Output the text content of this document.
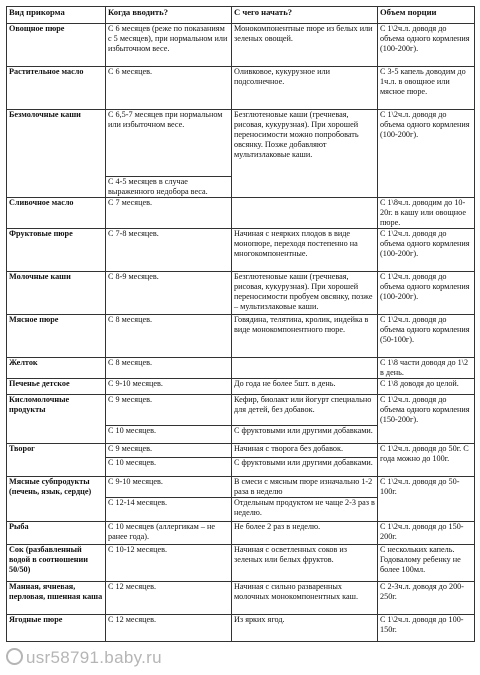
Вид прикорма	Когда вводить?	С чего начать?	Объем порции
Овощное пюре	С 6 месяцев (реже по показаниям с 5 месяцев), при нормальном или избыточном весе.	Монокомпонентные пюре из белых или зеленых овощей.	С 1\2ч.л. доводя до объема одного кормления (100-200г).
Растительное масло	С 6 месяцев.	Оливковое, кукурузное или подсолнечное.	С 3-5 капель доводим до 1ч.л. в овощное или мясное пюре.
Безмолочные каши	С 6,5-7 месяцев при нормальном или избыточном весе.	Безглютеновые каши (гречневая, рисовая, кукурузная). При хорошей переносимости можно попробовать овсянку. Позже добавляют мультизлаковые каши.	С 1\2ч.л. доводя до объема одного кормления (100-200г).
	С 4-5 месяцев в случае выраженного недобора веса.		
Сливочное масло	С 7 месяцев.		С 1\8ч.л. доводим до 10-20г. в кашу или овощное пюре.
Фруктовые пюре	С 7-8 месяцев.	Начиная с неярких плодов в виде монопюре, переходя постепенно на многокомпонентные.	С 1\2ч.л. доводя до объема одного кормления (100-200г).
Молочные каши	С 8-9 месяцев.	Безглютеновые каши (гречневая, рисовая, кукурузная). При хорошей переносимости пробуем овсянку, позже – мультизлаковые каши.	С 1\2ч.л. доводя до объема одного кормления (100-200г).
Мясное пюре	С 8 месяцев.	Говядина, телятина, кролик, индейка в виде монокомпонентного пюре.	С 1\2ч.л. доводя до объема одного кормления (50-100г).
Желток	С 8 месяцев.		С 1\8 части доводя до 1\2 в день.
Печенье детское	С 9-10 месяцев.	До года не более 5шт. в день.	С 1\8 доводя до целой.
Кисломолочные продукты	С 9 месяцев.	Кефир, биолакт или йогурт специально для детей, без добавок.	С 1\2ч.л. доводя до объема одного кормления (150-200г).
	С 10 месяцев.	С фруктовыми или другими добавками.	
Творог	С 9 месяцев.	Начиная с творога без добавок.	С 1\2ч.л. доводя до 50г. С года можно до 100г.
	С 10 месяцев.	С фруктовыми или другими добавками.	
Мясные субпродукты (печень, язык, сердце)	С 9-10 месяцев.	В смеси с мясным пюре изначально 1-2 раза в неделю	С 1\2ч.л. доводя до 50-100г.
	С 12-14 месяцев.	Отдельным продуктом не чаще 2-3 раз в неделю.	
Рыба	С 10 месяцев (аллергикам – не ранее года).	Не более 2 раз в неделю.	С 1\2ч.л. доводя до 150-200г.
Сок (разбавленный водой в соотношении 50/50)	С 10-12 месяцев.	Начиная с осветленных соков из зеленых или белых фруктов.	С нескольких капель. Годовалому ребенку не более 100мл.
Манная, ячневая, перловая, пшенная каша	С 12 месяцев.	Начиная с сильно разваренных молочных монокомпонентных каш.	С 2-3ч.л. доводя до 200-250г.
Ягодные пюре	С 12 месяцев.	Из ярких ягод.	С 1\2ч.л. доводя до 100-150г.
usr58791.baby.ru
